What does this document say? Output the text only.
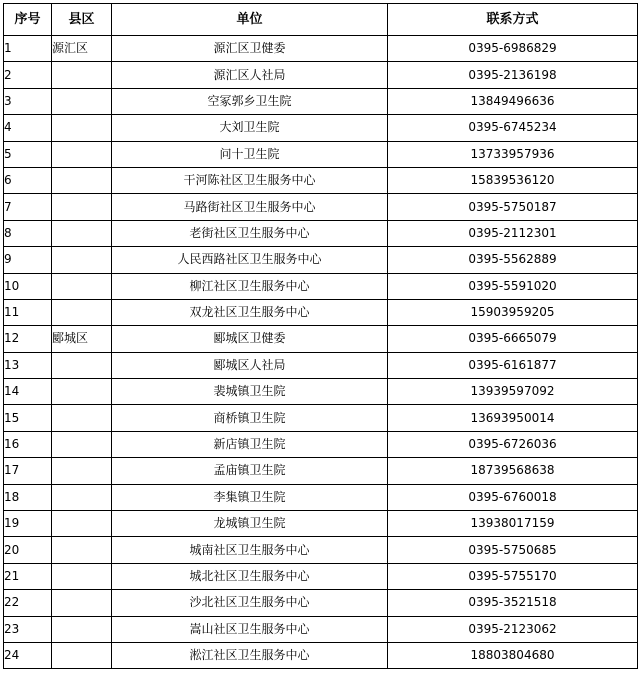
序号	县区	单位	联系方式
1	源汇区	源汇区卫健委	0395-6986829
2		源汇区人社局	0395-2136198
3		空冢郭乡卫生院	13849496636
4		大刘卫生院	0395-6745234
5		问十卫生院	13733957936
6		干河陈社区卫生服务中心	15839536120
7		马路街社区卫生服务中心	0395-5750187
8		老街社区卫生服务中心	0395-2112301
9		人民西路社区卫生服务中心	0395-5562889
10		柳江社区卫生服务中心	0395-5591020
11		双龙社区卫生服务中心	15903959205
12	郾城区	郾城区卫健委	0395-6665079
13		郾城区人社局	0395-6161877
14		裴城镇卫生院	13939597092
15		商桥镇卫生院	13693950014
16		新店镇卫生院	0395-6726036
17		孟庙镇卫生院	18739568638
18		李集镇卫生院	0395-6760018
19		龙城镇卫生院	13938017159
20		城南社区卫生服务中心	0395-5750685
21		城北社区卫生服务中心	0395-5755170
22		沙北社区卫生服务中心	0395-3521518
23		嵩山社区卫生服务中心	0395-2123062
24		淞江社区卫生服务中心	18803804680
